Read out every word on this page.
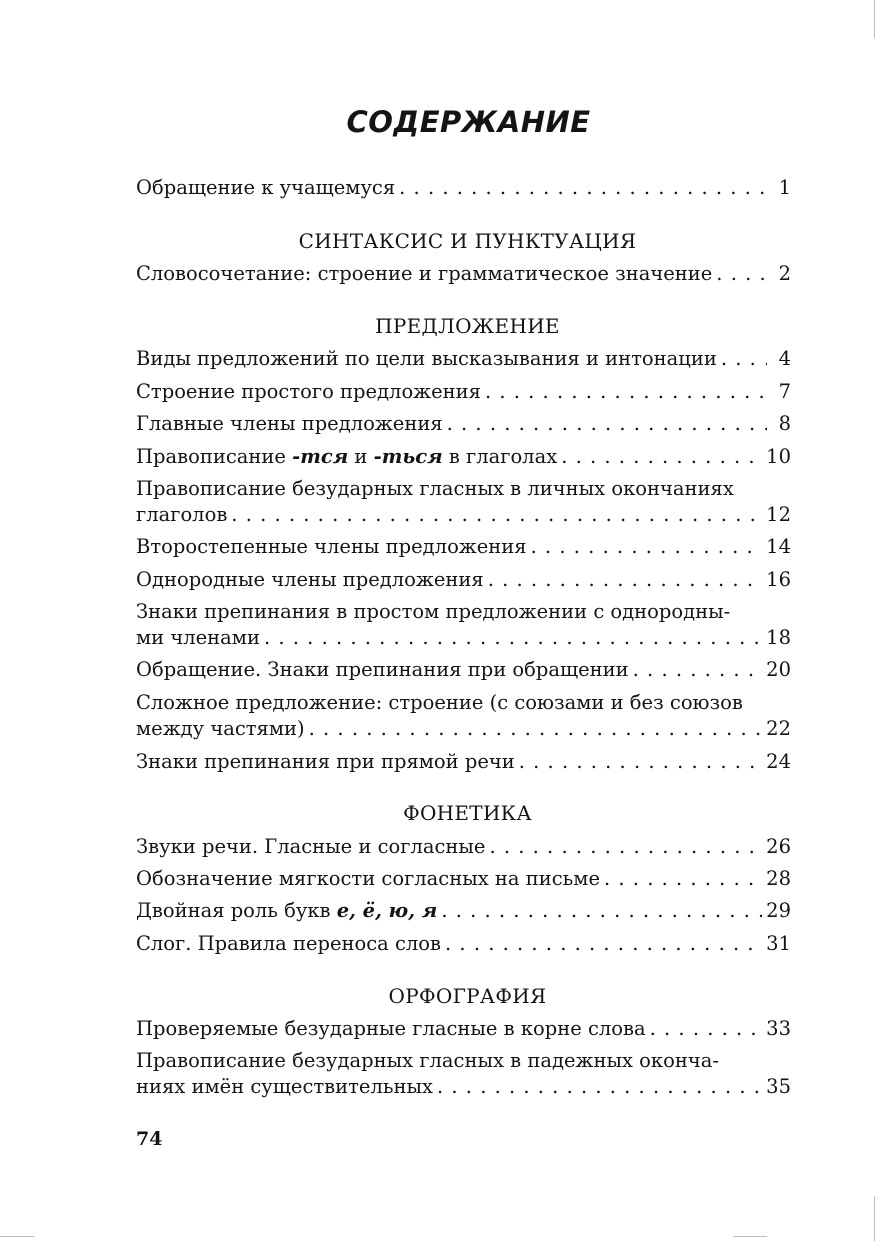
СОДЕРЖАНИЕ
Обращение к учащемуся . . .	1
Словосочетание: строение и грамматическое значение . . .	2
Виды предложений по цели высказывания и интонации . . .	4
Строение простого предложения . . .	7
Главные члены предложения . . .	8
Правописание -тся и -ться в глаголах . . .	10
Правописание безударных гласных в личных окончаниях
глаголов . . .	12
Второстепенные члены предложения . . .	14
Однородные члены предложения . . .	16
Знаки препинания в простом предложении с однородны-
ми членами . . .	18
Обращение. Знаки препинания при обращении . . .	20
Сложное предложение: строение (с союзами и без союзов
между частями) . . .	22
Знаки препинания при прямой речи . . .	24
Звуки речи. Гласные и согласные . . .	26
Обозначение мягкости согласных на письме . . .	28
Двойная роль букв е, ё, ю, я . . .	29
Слог. Правила переноса слов . . .	31
Проверяемые безударные гласные в корне слова . . .	33
Правописание безударных гласных в падежных оконча-
ниях имён существительных . . .	35
СИНТАКСИС И ПУНКТУАЦИЯ
ПРЕДЛОЖЕНИЕ
ФОНЕТИКА
ОРФОГРАФИЯ
74
